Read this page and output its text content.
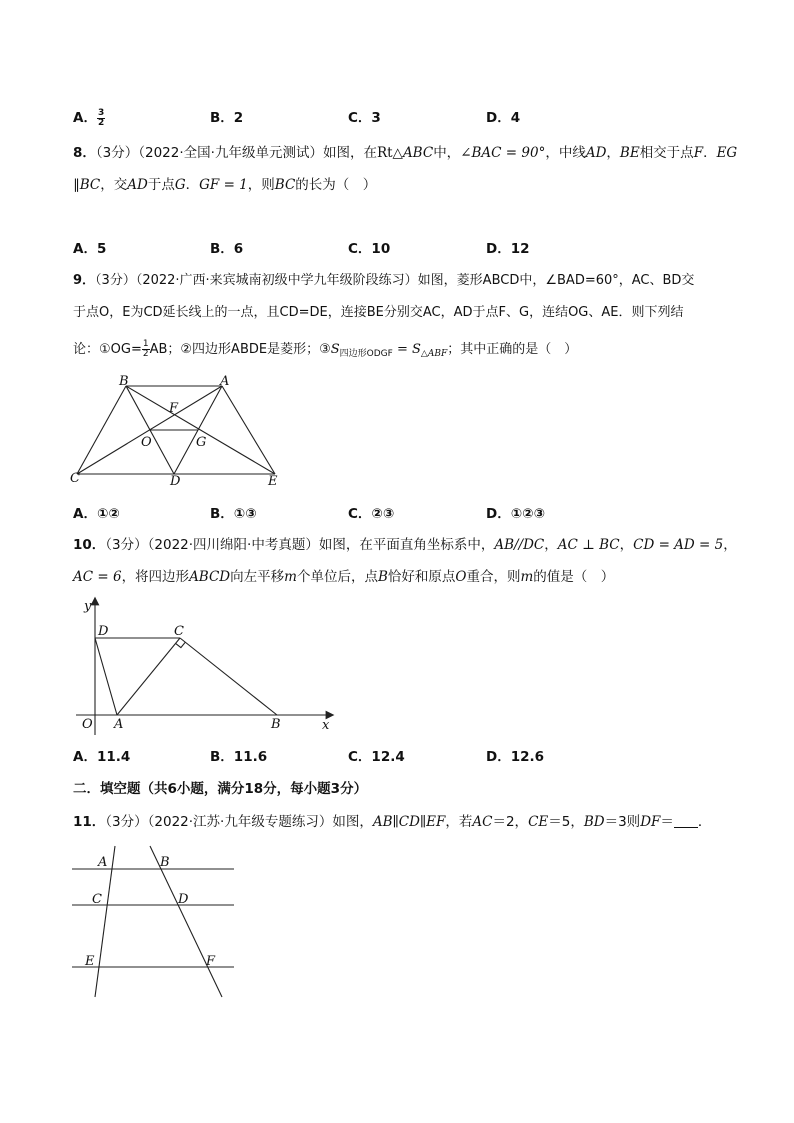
A． $\frac{3}{2}$	B．2	C．3	D．4
8．（3分）（2022·全国·九年级单元测试）如图，在Rt△ABC中，∠BAC = 90°，中线AD，BE相交于点F．EG
∥BC，交AD于点G．GF = 1，则BC的长为（　）
A．5	B．6	C．10	D．12
9．（3分）（2022·广西·来宾城南初级中学九年级阶段练习）如图，菱形ABCD中，∠BAD=60°，AC、BD交
于点O，E为CD延长线上的一点，且CD=DE，连接BE分别交AC，AD于点F、G，连结OG、AE．则下列结
论：①OG= $\frac{1}{2}$ AB；②四边形ABDE是菱形；$③S_{四边形ODGF} = S_{\triangle ABF}$；其中正确的是（　）
B	A
F
O	G
C	D	E
A．①②	B．①③	C．②③	D．①②③
10．（3分）（2022·四川绵阳·中考真题）如图，在平面直角坐标系中，AB//DC，AC ⊥ BC，CD = AD = 5，
AC = 6，将四边形ABCD向左平移m个单位后，点B恰好和原点O重合，则m的值是（　）
y
x
D	C
O A	B
A．11.4	B．11.6	C．12.4	D．12.6
二．填空题（共6小题，满分18分，每小题3分）
11．（3分）（2022·江苏·九年级专题练习）如图，AB∥CD∥EF，若AC＝2，CE＝5，BD＝3则DF＝ ．
A	B
C	D
E	F
